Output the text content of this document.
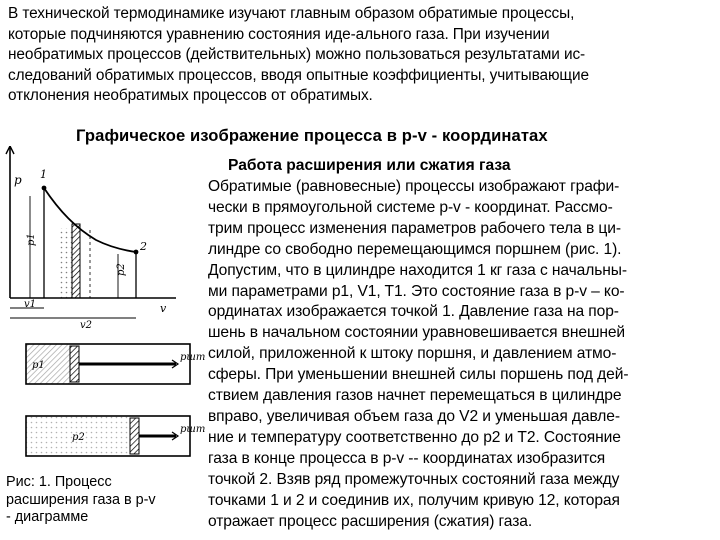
В технической термодинамике изучают главным образом обратимые процессы,
которые подчиняются уравнению состояния иде-ального газа. При изучении
необратимых процессов (действительных) можно пользоваться результатами ис-
следований обратимых процессов, вводя опытные коэффициенты, учитывающие
отклонения необратимых процессов от обратимых.
Графическое изображение процесса в p-v - координатах
p 1
2
p1
p2
v
v1
v2
p1
pшт
p2
pшт
Работа расширения или сжатия газа
Обратимые (равновесные) процессы изображают графи-
чески в прямоугольной системе p-v - координат. Рассмо-
трим процесс изменения параметров рабочего тела в ци-
линдре со свободно перемещающимся поршнем (рис. 1).
Допустим, что в цилиндре находится 1 кг газа с начальны-
ми параметрами p1, V1, T1. Это состояние газа в p-v – ко-
ординатах изображается точкой 1. Давление газа на пор-
шень в начальном состоянии уравновешивается внешней
силой, приложенной к штоку поршня, и давлением атмо-
сферы. При уменьшении внешней силы поршень под дей-
ствием давления газов начнет перемещаться в цилиндре
вправо, увеличивая объем газа до V2 и уменьшая давле-
ние и температуру соответственно до p2 и T2. Состояние
газа в конце процесса в p-v -- координатах изобразится
точкой 2. Взяв ряд промежуточных состояний газа между
точками 1 и 2 и соединив их, получим кривую 12, которая
отражает процесс расширения (сжатия) газа.
Рис: 1. Процесс
расширения газа в p-v
- диаграмме
